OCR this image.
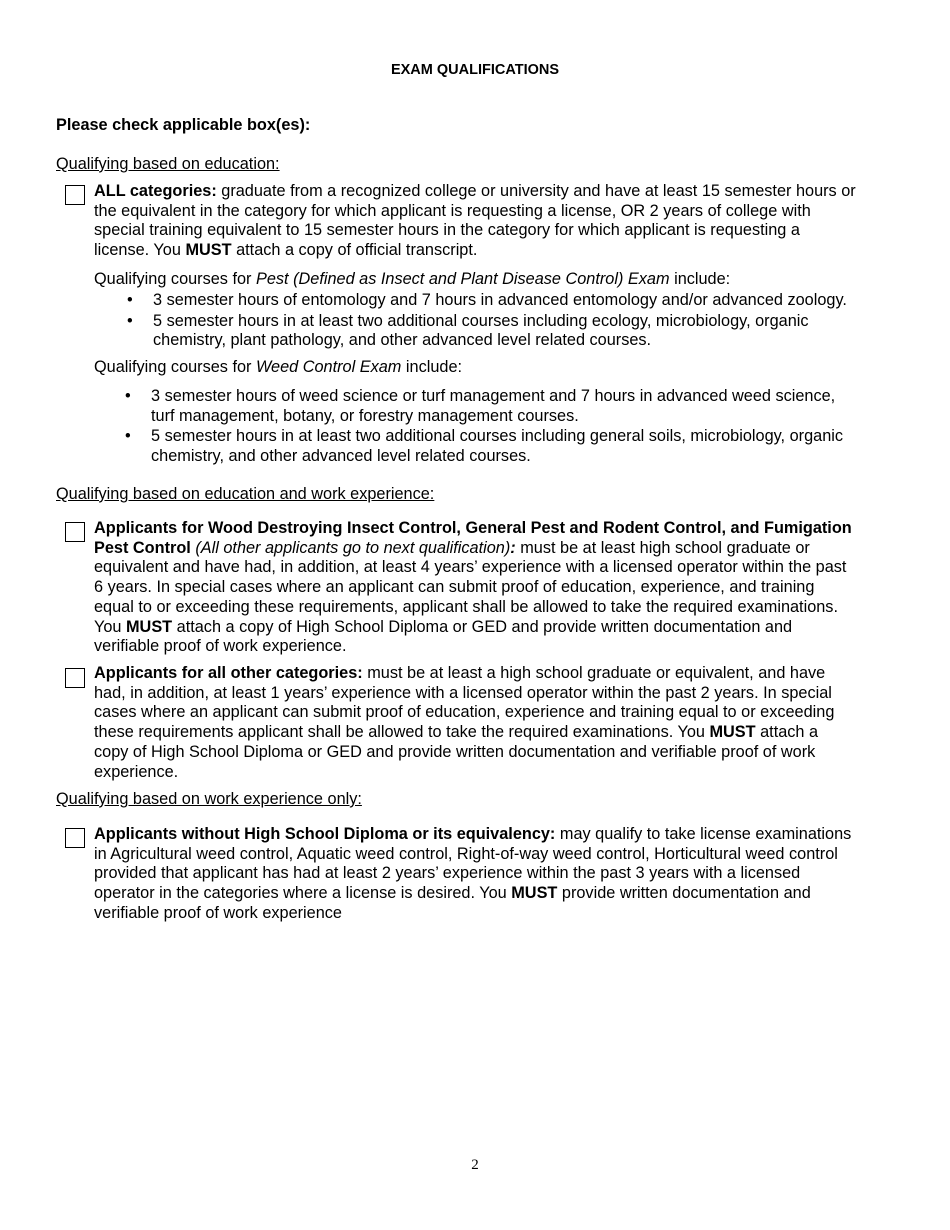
EXAM QUALIFICATIONS
Please check applicable box(es):
Qualifying based on education:
ALL categories: graduate from a recognized college or university and have at least 15 semester hours or
the equivalent in the category for which applicant is requesting a license, OR 2 years of college with
special training equivalent to 15 semester hours in the category for which applicant is requesting a
license. You MUST attach a copy of official transcript.
Qualifying courses for Pest (Defined as Insect and Plant Disease Control) Exam include:
• 3 semester hours of entomology and 7 hours in advanced entomology and/or advanced zoology.
• 5 semester hours in at least two additional courses including ecology, microbiology, organic
chemistry, plant pathology, and other advanced level related courses.
Qualifying courses for Weed Control Exam include:
• 3 semester hours of weed science or turf management and 7 hours in advanced weed science,
turf management, botany, or forestry management courses.
• 5 semester hours in at least two additional courses including general soils, microbiology, organic
chemistry, and other advanced level related courses.
Qualifying based on education and work experience:
Applicants for Wood Destroying Insect Control, General Pest and Rodent Control, and Fumigation
Pest Control (All other applicants go to next qualification): must be at least high school graduate or
equivalent and have had, in addition, at least 4 years’ experience with a licensed operator within the past
6 years. In special cases where an applicant can submit proof of education, experience, and training
equal to or exceeding these requirements, applicant shall be allowed to take the required examinations.
You MUST attach a copy of High School Diploma or GED and provide written documentation and
verifiable proof of work experience.
Applicants for all other categories: must be at least a high school graduate or equivalent, and have
had, in addition, at least 1 years’ experience with a licensed operator within the past 2 years. In special
cases where an applicant can submit proof of education, experience and training equal to or exceeding
these requirements applicant shall be allowed to take the required examinations. You MUST attach a
copy of High School Diploma or GED and provide written documentation and verifiable proof of work
experience.
Qualifying based on work experience only:
Applicants without High School Diploma or its equivalency: may qualify to take license examinations
in Agricultural weed control, Aquatic weed control, Right-of-way weed control, Horticultural weed control
provided that applicant has had at least 2 years’ experience within the past 3 years with a licensed
operator in the categories where a license is desired. You MUST provide written documentation and
verifiable proof of work experience
2
